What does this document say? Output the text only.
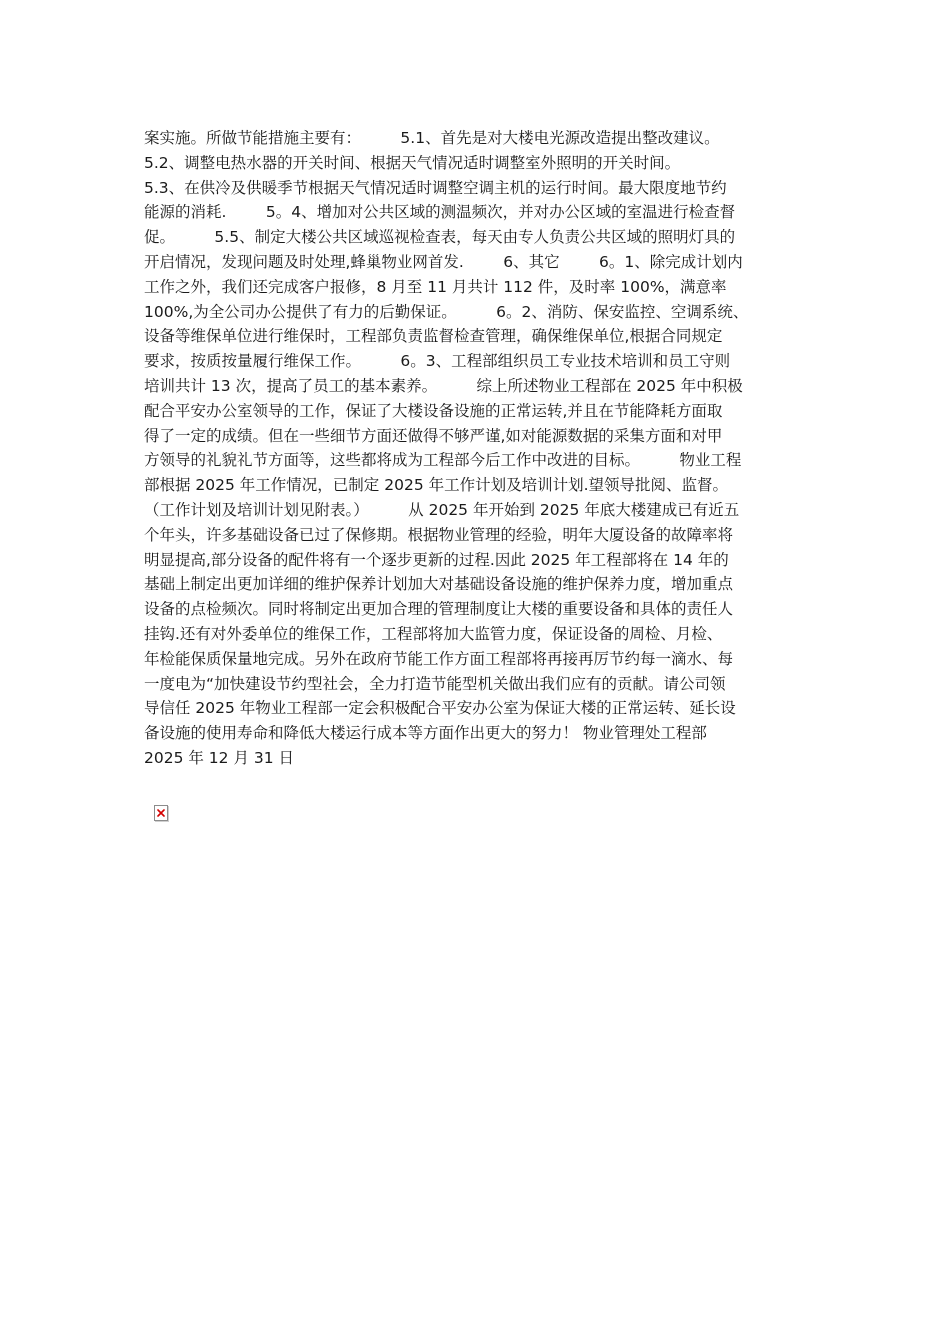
案实施。所做节能措施主要有：        5.1、首先是对大楼电光源改造提出整改建议。
5.2、调整电热水器的开关时间、根据天气情况适时调整室外照明的开关时间。
5.3、在供冷及供暖季节根据天气情况适时调整空调主机的运行时间。最大限度地节约
能源的消耗.        5。4、增加对公共区域的测温频次，并对办公区域的室温进行检查督
促。        5.5、制定大楼公共区域巡视检查表，每天由专人负责公共区域的照明灯具的
开启情况，发现问题及时处理,蜂巢物业网首发.        6、其它        6。1、除完成计划内
工作之外，我们还完成客户报修，8 月至 11 月共计 112 件，及时率 100%，满意率
100%,为全公司办公提供了有力的后勤保证。        6。2、消防、保安监控、空调系统、
设备等维保单位进行维保时，工程部负责监督检查管理，确保维保单位,根据合同规定
要求，按质按量履行维保工作。        6。3、工程部组织员工专业技术培训和员工守则
培训共计 13 次，提高了员工的基本素养。        综上所述物业工程部在 2025 年中积极
配合平安办公室领导的工作，保证了大楼设备设施的正常运转,并且在节能降耗方面取
得了一定的成绩。但在一些细节方面还做得不够严谨,如对能源数据的采集方面和对甲
方领导的礼貌礼节方面等，这些都将成为工程部今后工作中改进的目标。        物业工程
部根据 2025 年工作情况，已制定 2025 年工作计划及培训计划.望领导批阅、监督。
（工作计划及培训计划见附表。）        从 2025 年开始到 2025 年底大楼建成已有近五
个年头，许多基础设备已过了保修期。根据物业管理的经验，明年大厦设备的故障率将
明显提高,部分设备的配件将有一个逐步更新的过程.因此 2025 年工程部将在 14 年的
基础上制定出更加详细的维护保养计划加大对基础设备设施的维护保养力度，增加重点
设备的点检频次。同时将制定出更加合理的管理制度让大楼的重要设备和具体的责任人
挂钩.还有对外委单位的维保工作，工程部将加大监管力度，保证设备的周检、月检、
年检能保质保量地完成。另外在政府节能工作方面工程部将再接再厉节约每一滴水、每
一度电为“加快建设节约型社会，全力打造节能型机关做出我们应有的贡献。请公司领
导信任 2025 年物业工程部一定会积极配合平安办公室为保证大楼的正常运转、延长设
备设施的使用寿命和降低大楼运行成本等方面作出更大的努力！ 物业管理处工程部
2025 年 12 月 31 日
